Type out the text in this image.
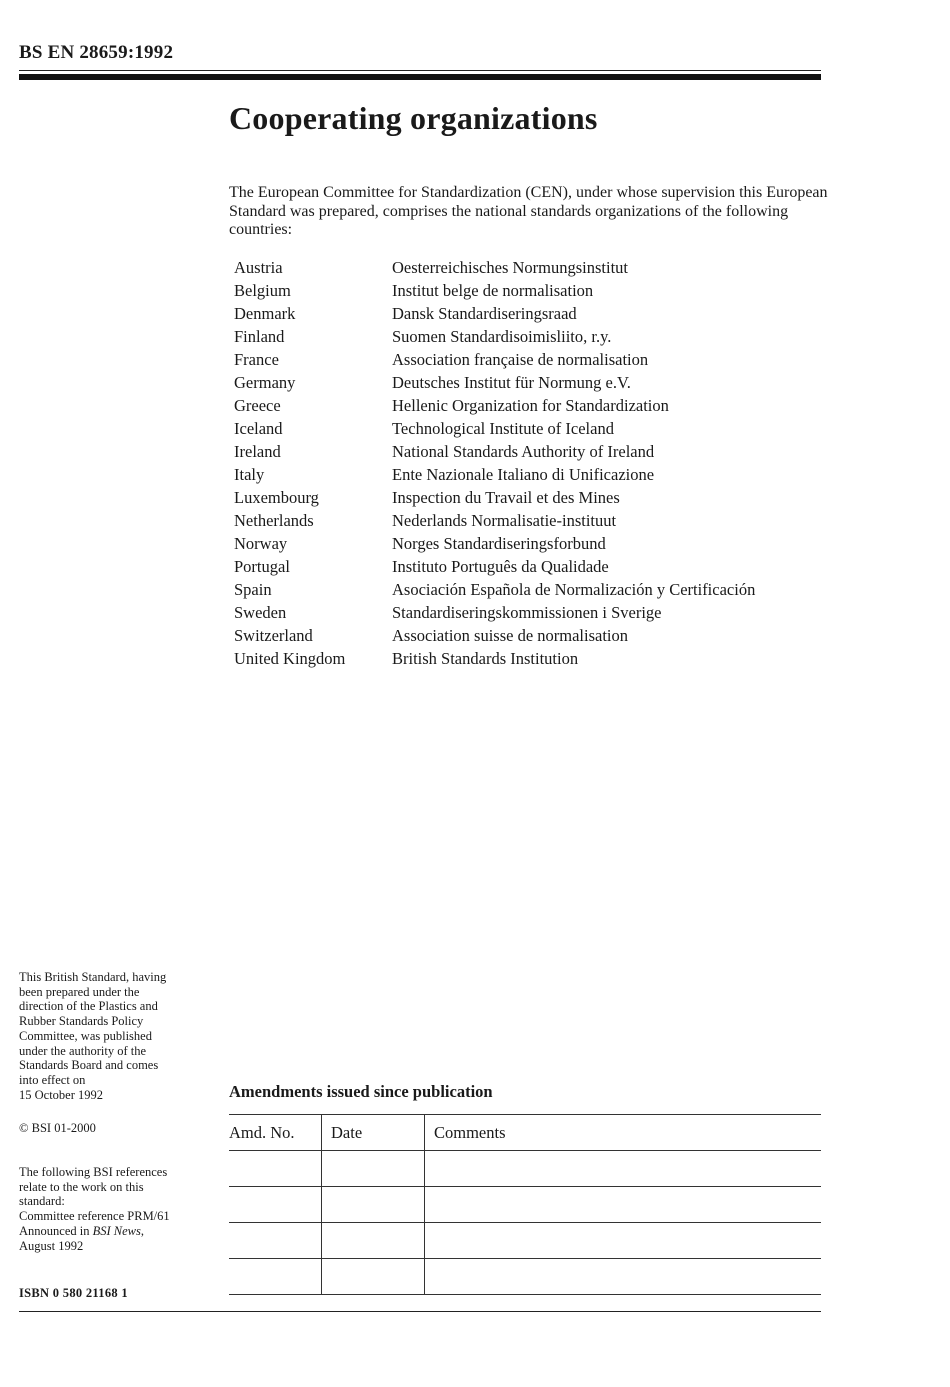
BS EN 28659:1992
Cooperating organizations
The European Committee for Standardization (CEN), under whose supervision this European Standard was prepared, comprises the national standards organizations of the following countries:
Austria	Oesterreichisches Normungsinstitut
Belgium	Institut belge de normalisation
Denmark	Dansk Standardiseringsraad
Finland	Suomen Standardisoimisliito, r.y.
France	Association française de normalisation
Germany	Deutsches Institut für Normung e.V.
Greece	Hellenic Organization for Standardization
Iceland	Technological Institute of Iceland
Ireland	National Standards Authority of Ireland
Italy	Ente Nazionale Italiano di Unificazione
Luxembourg	Inspection du Travail et des Mines
Netherlands	Nederlands Normalisatie-instituut
Norway	Norges Standardiseringsforbund
Portugal	Instituto Português da Qualidade
Spain	Asociación Española de Normalización y Certificación
Sweden	Standardiseringskommissionen i Sverige
Switzerland	Association suisse de normalisation
United Kingdom	British Standards Institution
This British Standard, having
been prepared under the
direction of the Plastics and
Rubber Standards Policy
Committee, was published
under the authority of the
Standards Board and comes
into effect on
15 October 1992
© BSI 01-2000
The following BSI references
relate to the work on this
standard:
Committee reference PRM/61
Announced in BSI News,
August 1992
ISBN 0 580 21168 1
Amendments issued since publication
Amd. No.	Date	Comments
